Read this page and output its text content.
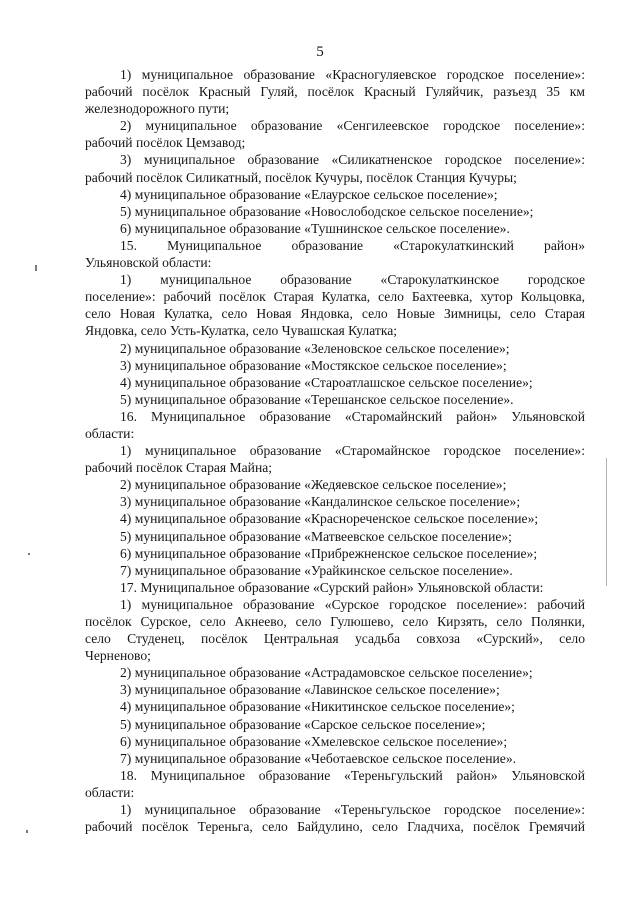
5
1) муниципальное образование «Красногуляевское городское поселение»:
рабочий посёлок Красный Гуляй, посёлок Красный Гуляйчик, разъезд 35 км
железнодорожного пути;
2) муниципальное образование «Сенгилеевское городское поселение»:
рабочий посёлок Цемзавод;
3) муниципальное образование «Силикатненское городское поселение»:
рабочий посёлок Силикатный, посёлок Кучуры, посёлок Станция Кучуры;
4) муниципальное образование «Елаурское сельское поселение»;
5) муниципальное образование «Новослободское сельское поселение»;
6) муниципальное образование «Тушнинское сельское поселение».
15. Муниципальное образование «Старокулаткинский район»
Ульяновской области:
1) муниципальное образование «Старокулаткинское городское
поселение»: рабочий посёлок Старая Кулатка, село Бахтеевка, хутор Кольцовка,
село Новая Кулатка, село Новая Яндовка, село Новые Зимницы, село Старая
Яндовка, село Усть-Кулатка, село Чувашская Кулатка;
2) муниципальное образование «Зеленовское сельское поселение»;
3) муниципальное образование «Мостякское сельское поселение»;
4) муниципальное образование «Староатлашское сельское поселение»;
5) муниципальное образование «Терешанское сельское поселение».
16. Муниципальное образование «Старомайнский район» Ульяновской
области:
1) муниципальное образование «Старомайнское городское поселение»:
рабочий посёлок Старая Майна;
2) муниципальное образование «Жедяевское сельское поселение»;
3) муниципальное образование «Кандалинское сельское поселение»;
4) муниципальное образование «Краснореченское сельское поселение»;
5) муниципальное образование «Матвеевское сельское поселение»;
6) муниципальное образование «Прибрежненское сельское поселение»;
7) муниципальное образование «Урайкинское сельское поселение».
17. Муниципальное образование «Сурский район» Ульяновской области:
1) муниципальное образование «Сурское городское поселение»: рабочий
посёлок Сурское, село Акнеево, село Гулюшево, село Кирзять, село Полянки,
село Студенец, посёлок Центральная усадьба совхоза «Сурский», село
Черненово;
2) муниципальное образование «Астрадамовское сельское поселение»;
3) муниципальное образование «Лавинское сельское поселение»;
4) муниципальное образование «Никитинское сельское поселение»;
5) муниципальное образование «Сарское сельское поселение»;
6) муниципальное образование «Хмелевское сельское поселение»;
7) муниципальное образование «Чеботаевское сельское поселение».
18. Муниципальное образование «Тереньгульский район» Ульяновской
области:
1) муниципальное образование «Тереньгульское городское поселение»:
рабочий посёлок Тереньга, село Байдулино, село Гладчиха, посёлок Гремячий
